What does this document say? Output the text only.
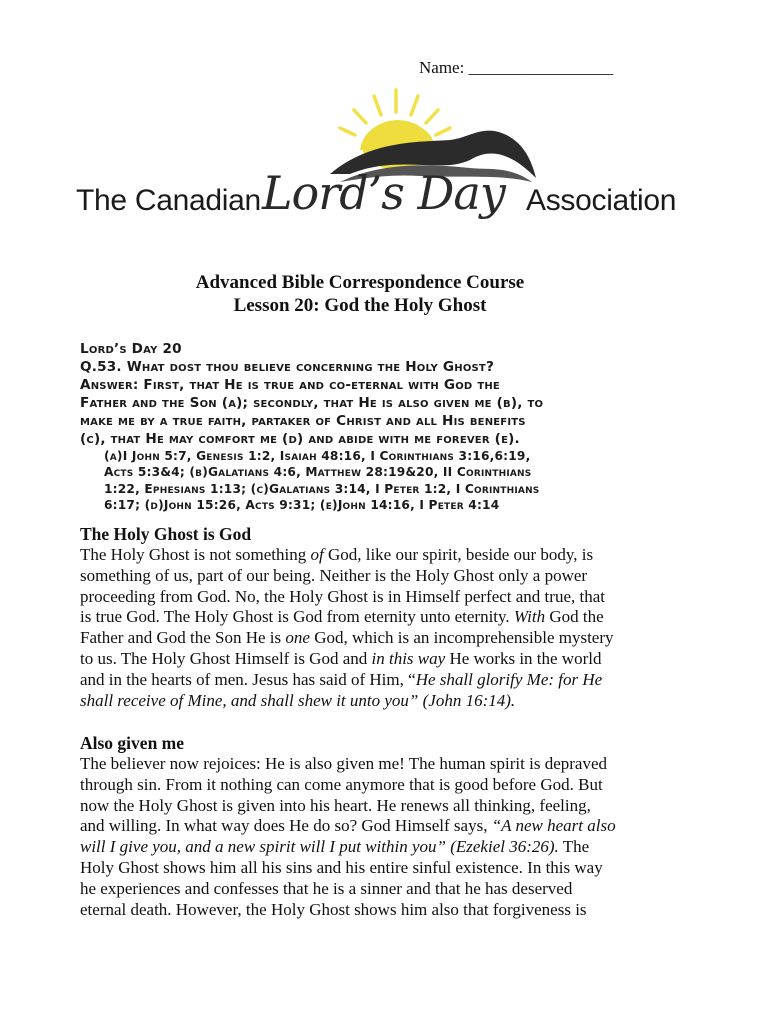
Name: _________________
The Canadian Lord’s Day Association
Advanced Bible Correspondence Course
Lesson 20: God the Holy Ghost
Lord’s Day 20
Q.53. What dost thou believe concerning the Holy Ghost?
Answer: First, that He is true and co-eternal with God the
Father and the Son (a); secondly, that He is also given me (b), to
make me by a true faith, partaker of Christ and all His benefits
(c), that He may comfort me (d) and abide with me forever (e).
(a)I John 5:7, Genesis 1:2, Isaiah 48:16, I Corinthians 3:16,6:19,
Acts 5:3&4; (b)Galatians 4:6, Matthew 28:19&20, II Corinthians
1:22, Ephesians 1:13; (c)Galatians 3:14, I Peter 1:2, I Corinthians
6:17; (d)John 15:26, Acts 9:31; (e)John 14:16, I Peter 4:14
The Holy Ghost is God
The Holy Ghost is not something of God, like our spirit, beside our body, is
something of us, part of our being. Neither is the Holy Ghost only a power
proceeding from God. No, the Holy Ghost is in Himself perfect and true, that
is true God. The Holy Ghost is God from eternity unto eternity. With God the
Father and God the Son He is one God, which is an incomprehensible mystery
to us. The Holy Ghost Himself is God and in this way He works in the world
and in the hearts of men. Jesus has said of Him, “He shall glorify Me: for He
shall receive of Mine, and shall shew it unto you” (John 16:14).
Also given me
The believer now rejoices: He is also given me! The human spirit is depraved
through sin. From it nothing can come anymore that is good before God. But
now the Holy Ghost is given into his heart. He renews all thinking, feeling,
and willing. In what way does He do so? God Himself says, “A new heart also
will I give you, and a new spirit will I put within you” (Ezekiel 36:26). The
Holy Ghost shows him all his sins and his entire sinful existence. In this way
he experiences and confesses that he is a sinner and that he has deserved
eternal death. However, the Holy Ghost shows him also that forgiveness is
